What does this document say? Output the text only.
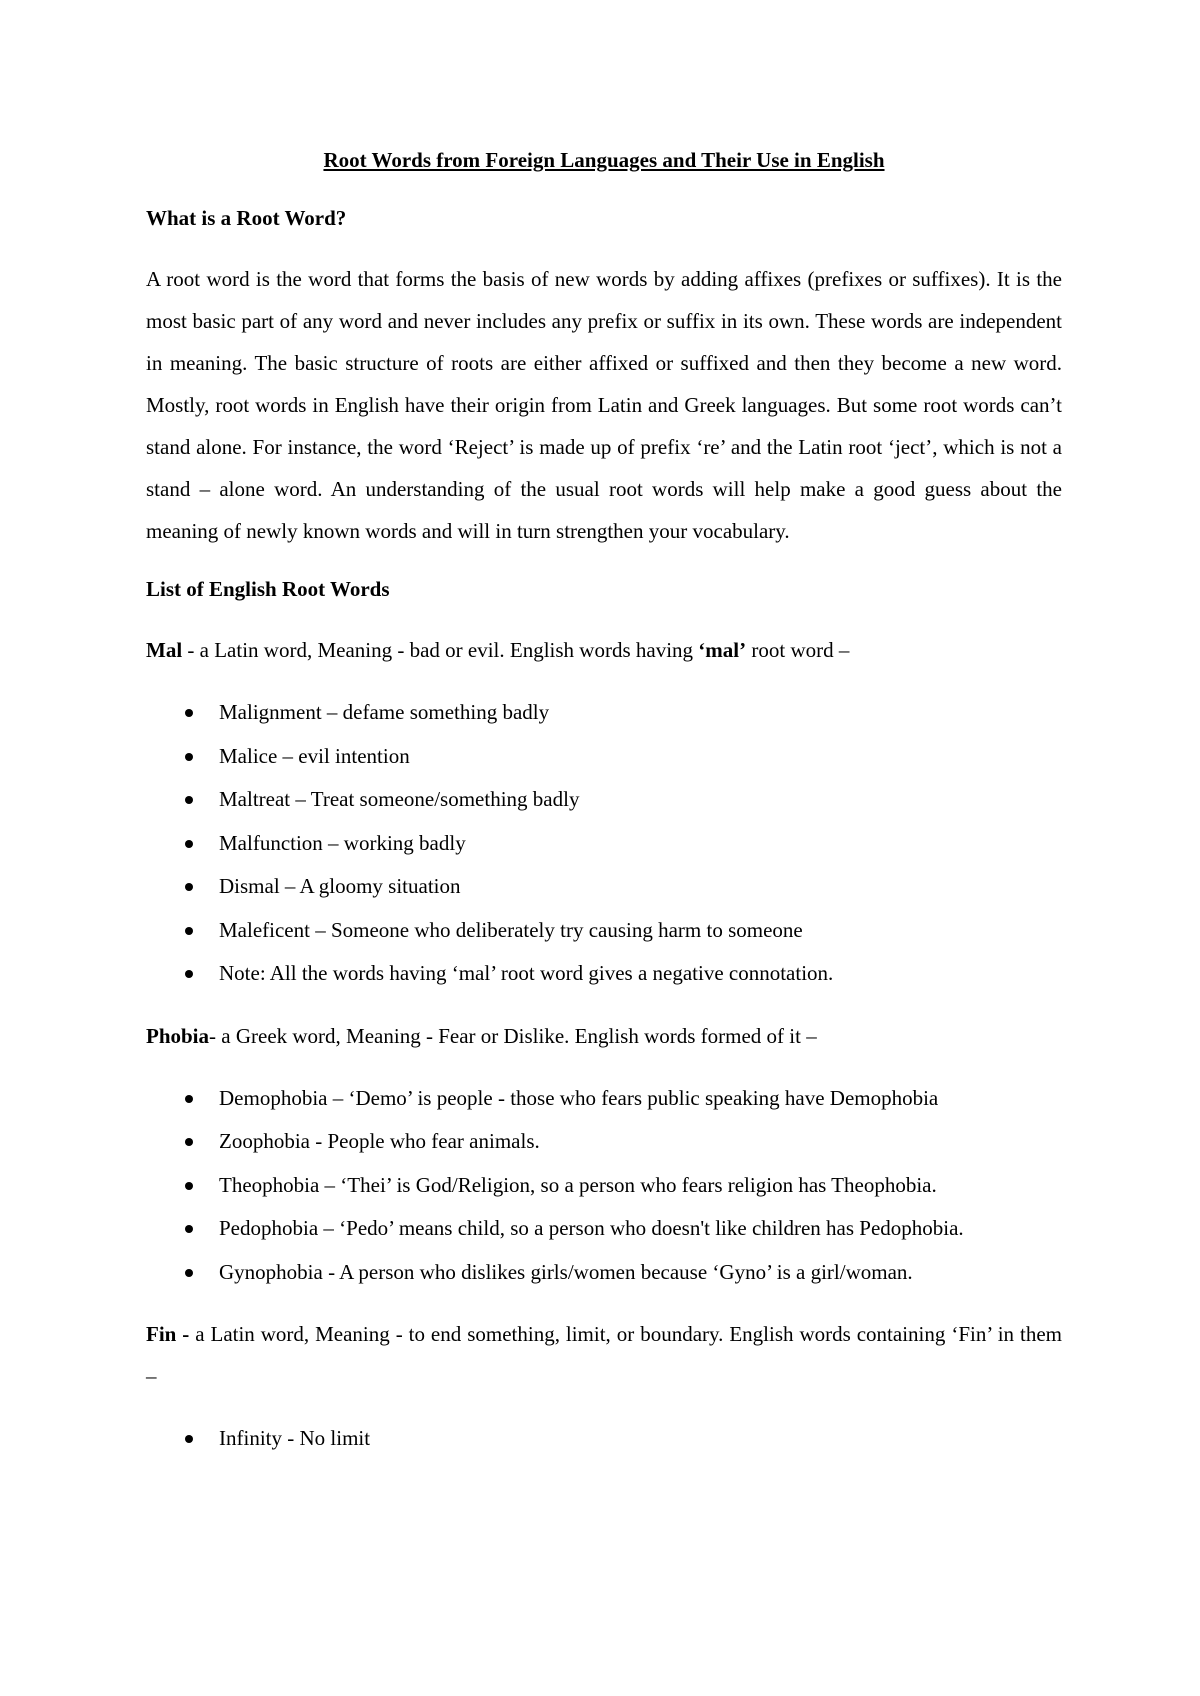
Root Words from Foreign Languages and Their Use in English
What is a Root Word?
A root word is the word that forms the basis of new words by adding affixes (prefixes or suffixes). It is the most basic part of any word and never includes any prefix or suffix in its own. These words are independent in meaning. The basic structure of roots are either affixed or suffixed and then they become a new word. Mostly, root words in English have their origin from Latin and Greek languages. But some root words can’t stand alone. For instance, the word ‘Reject’ is made up of prefix ‘re’ and the Latin root ‘ject’, which is not a stand – alone word. An understanding of the usual root words will help make a good guess about the meaning of newly known words and will in turn strengthen your vocabulary.
List of English Root Words
Mal - a Latin word, Meaning - bad or evil. English words having ‘mal’ root word –
Malignment – defame something badly
Malice – evil intention
Maltreat – Treat someone/something badly
Malfunction – working badly
Dismal – A gloomy situation
Maleficent – Someone who deliberately try causing harm to someone
Note: All the words having ‘mal’ root word gives a negative connotation.
Phobia- a Greek word, Meaning - Fear or Dislike. English words formed of it –
Demophobia – ‘Demo’ is people - those who fears public speaking have Demophobia
Zoophobia - People who fear animals.
Theophobia – ‘Thei’ is God/Religion, so a person who fears religion has Theophobia.
Pedophobia – ‘Pedo’ means child, so a person who doesn't like children has Pedophobia.
Gynophobia - A person who dislikes girls/women because ‘Gyno’ is a girl/woman.
Fin - a Latin word, Meaning - to end something, limit, or boundary. English words containing ‘Fin’ in them –
Infinity - No limit
